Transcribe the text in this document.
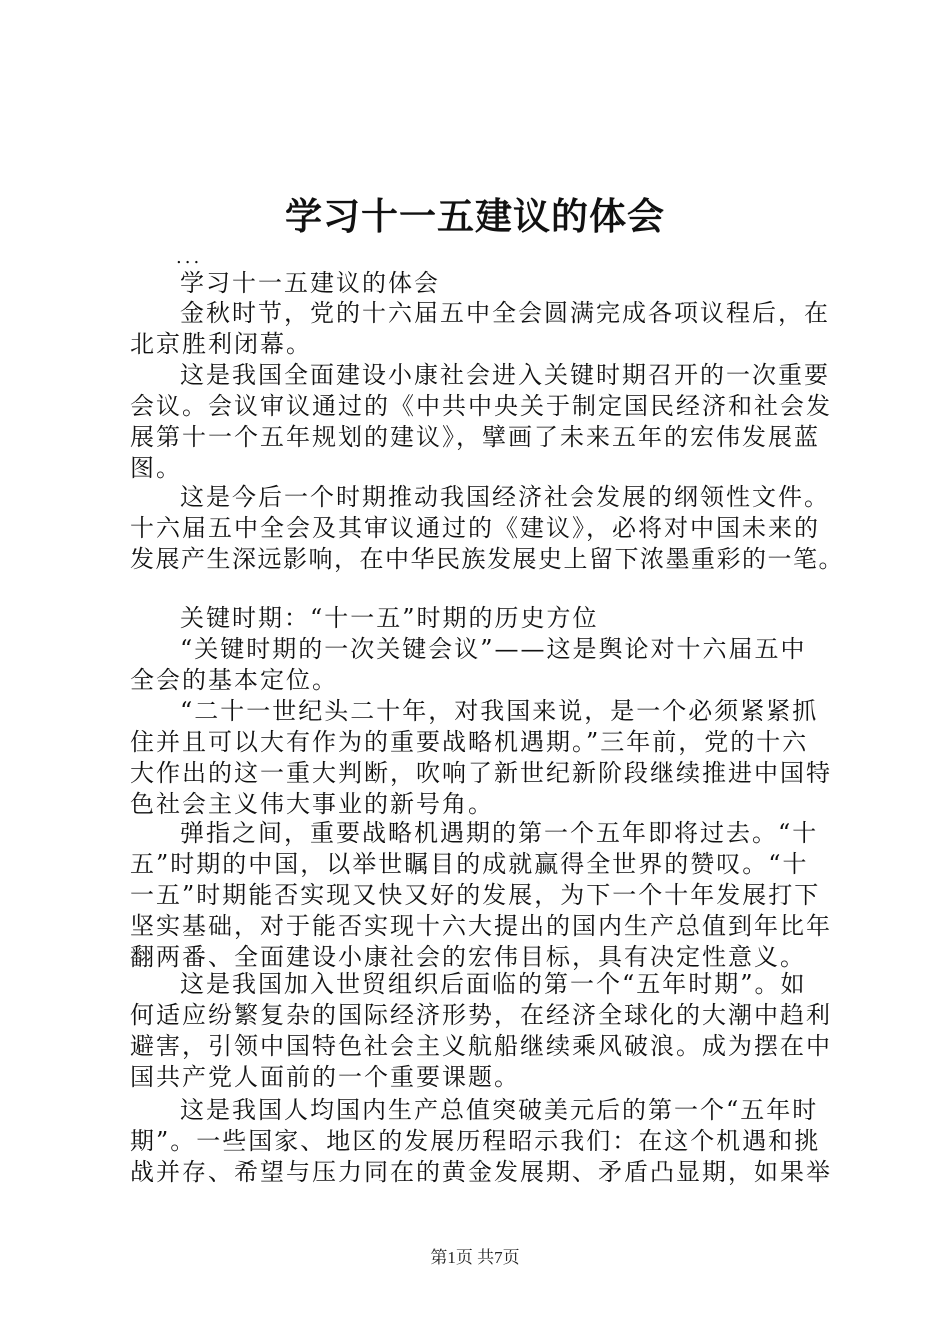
学习十一五建议的体会
...
学习十一五建议的体会
金秋时节，党的十六届五中全会圆满完成各项议程后，在
北京胜利闭幕。
这是我国全面建设小康社会进入关键时期召开的一次重要
会议。会议审议通过的《中共中央关于制定国民经济和社会发
展第十一个五年规划的建议》，擘画了未来五年的宏伟发展蓝
图。
这是今后一个时期推动我国经济社会发展的纲领性文件。
十六届五中全会及其审议通过的《建议》，必将对中国未来的
发展产生深远影响，在中华民族发展史上留下浓墨重彩的一笔。
关键时期：“十一五”时期的历史方位
“关键时期的一次关键会议”——这是舆论对十六届五中
全会的基本定位。
“二十一世纪头二十年，对我国来说，是一个必须紧紧抓
住并且可以大有作为的重要战略机遇期。”三年前，党的十六
大作出的这一重大判断，吹响了新世纪新阶段继续推进中国特
色社会主义伟大事业的新号角。
弹指之间，重要战略机遇期的第一个五年即将过去。“十
五”时期的中国，以举世瞩目的成就赢得全世界的赞叹。“十
一五”时期能否实现又快又好的发展，为下一个十年发展打下
坚实基础，对于能否实现十六大提出的国内生产总值到年比年
翻两番、全面建设小康社会的宏伟目标，具有决定性意义。
这是我国加入世贸组织后面临的第一个“五年时期”。如
何适应纷繁复杂的国际经济形势，在经济全球化的大潮中趋利
避害，引领中国特色社会主义航船继续乘风破浪。成为摆在中
国共产党人面前的一个重要课题。
这是我国人均国内生产总值突破美元后的第一个“五年时
期”。一些国家、地区的发展历程昭示我们：在这个机遇和挑
战并存、希望与压力同在的黄金发展期、矛盾凸显期，如果举
第1页 共7页
